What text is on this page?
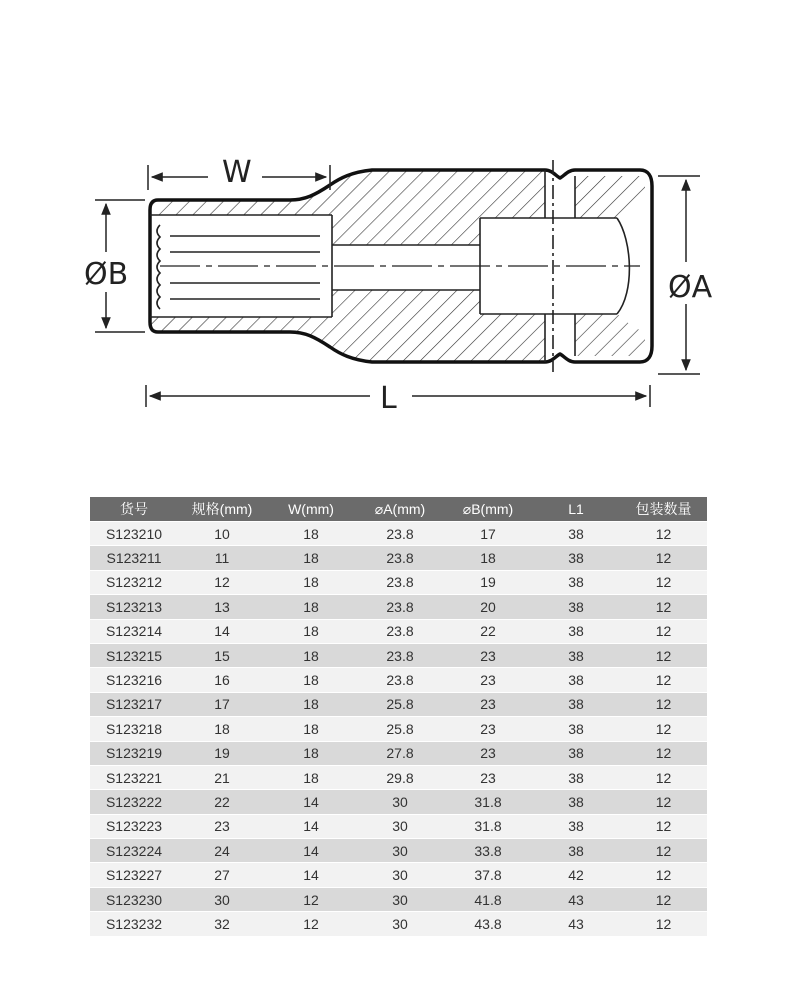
W
ØB	ØA
L
货号	规格(mm)	W(mm)	⌀A(mm)	⌀B(mm)	L1	包装数量
S123210	10	18	23.8	17	38	12
S123211	11	18	23.8	18	38	12
S123212	12	18	23.8	19	38	12
S123213	13	18	23.8	20	38	12
S123214	14	18	23.8	22	38	12
S123215	15	18	23.8	23	38	12
S123216	16	18	23.8	23	38	12
S123217	17	18	25.8	23	38	12
S123218	18	18	25.8	23	38	12
S123219	19	18	27.8	23	38	12
S123221	21	18	29.8	23	38	12
S123222	22	14	30	31.8	38	12
S123223	23	14	30	31.8	38	12
S123224	24	14	30	33.8	38	12
S123227	27	14	30	37.8	42	12
S123230	30	12	30	41.8	43	12
S123232	32	12	30	43.8	43	12
